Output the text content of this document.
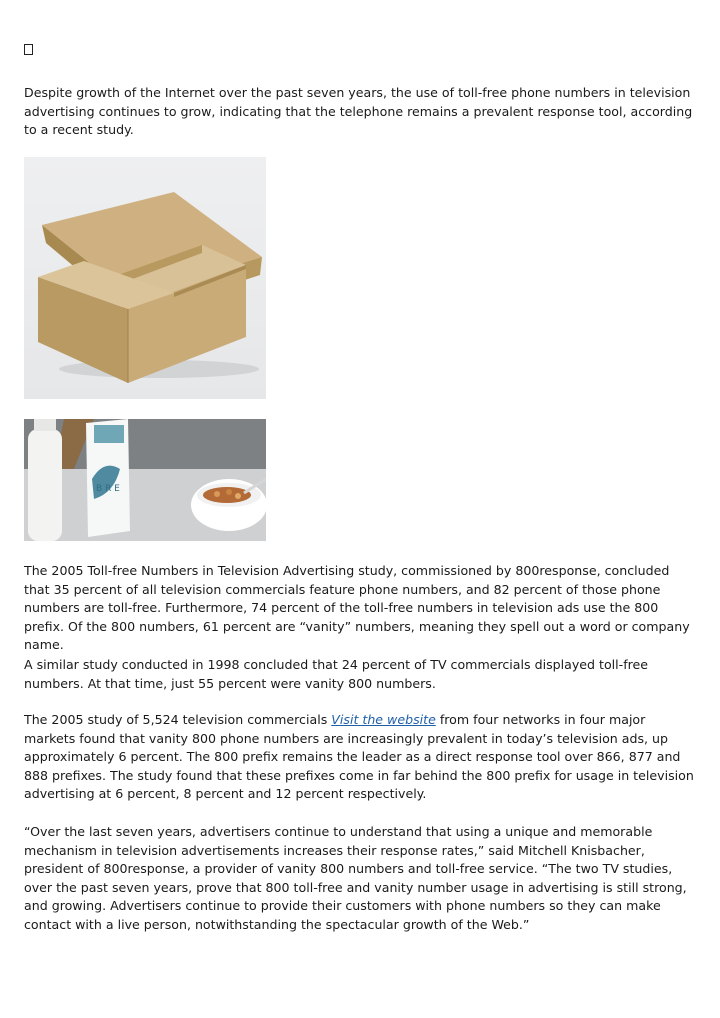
Despite growth of the Internet over the past seven years, the use of toll-free phone numbers in television advertising continues to grow, indicating that the telephone remains a prevalent response tool, according to a recent study.

B R E

The 2005 Toll-free Numbers in Television Advertising study, commissioned by 800response, concluded that 35 percent of all television commercials feature phone numbers, and 82 percent of those phone numbers are toll-free. Furthermore, 74 percent of the toll-free numbers in television ads use the 800 prefix. Of the 800 numbers, 61 percent are “vanity” numbers, meaning they spell out a word or company name.

A similar study conducted in 1998 concluded that 24 percent of TV commercials displayed toll-free numbers. At that time, just 55 percent were vanity 800 numbers.

The 2005 study of 5,524 television commercials Visit the website from four networks in four major markets found that vanity 800 phone numbers are increasingly prevalent in today’s television ads, up approximately 6 percent. The 800 prefix remains the leader as a direct response tool over 866, 877 and 888 prefixes. The study found that these prefixes come in far behind the 800 prefix for usage in television advertising at 6 percent, 8 percent and 12 percent respectively.

“Over the last seven years, advertisers continue to understand that using a unique and memorable mechanism in television advertisements increases their response rates,” said Mitchell Knisbacher, president of 800response, a provider of vanity 800 numbers and toll-free service. “The two TV studies, over the past seven years, prove that 800 toll-free and vanity number usage in advertising is still strong, and growing. Advertisers continue to provide their customers with phone numbers so they can make contact with a live person, notwithstanding the spectacular growth of the Web.”
